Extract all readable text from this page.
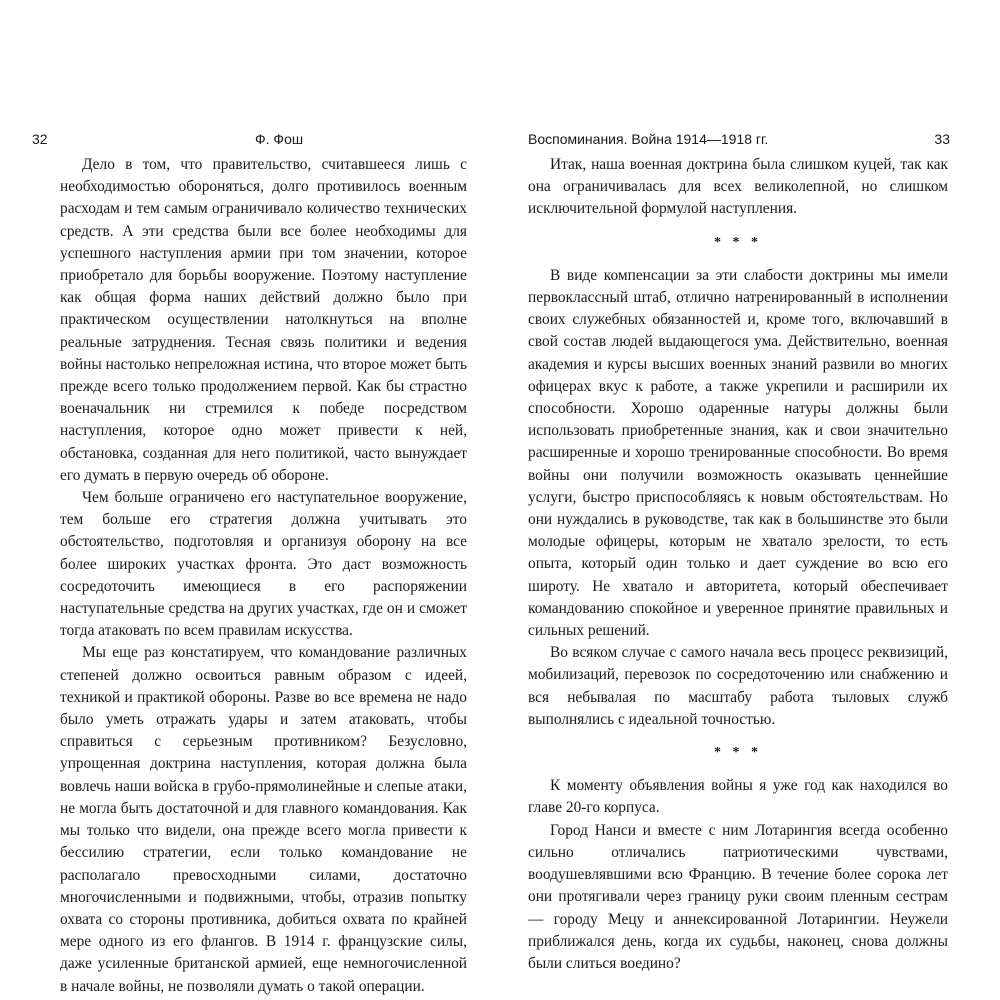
32	Ф. Фош

Дело в том, что правительство, считавшееся лишь с необходимостью обороняться, долго противилось военным расходам и тем самым ограничивало количество технических средств. А эти средства были все более необходимы для успешного наступления армии при том значении, которое приобретало для борьбы вооружение. Поэтому наступление как общая форма наших действий должно было при практическом осуществлении натолкнуться на вполне реальные затруднения. Тесная связь политики и ведения войны настолько непреложная истина, что второе может быть прежде всего только продолжением первой. Как бы страстно военачальник ни стремился к победе посредством наступления, которое одно может привести к ней, обстановка, созданная для него политикой, часто вынуждает его думать в первую очередь об обороне.

Чем больше ограничено его наступательное вооружение, тем больше его стратегия должна учитывать это обстоятельство, подготовляя и организуя оборону на все более широких участках фронта. Это даст возможность сосредоточить имеющиеся в его распоряжении наступательные средства на других участках, где он и сможет тогда атаковать по всем правилам искусства.

Мы еще раз констатируем, что командование различных степеней должно освоиться равным образом с идеей, техникой и практикой обороны. Разве во все времена не надо было уметь отражать удары и затем атаковать, чтобы справиться с серьезным противником? Безусловно, упрощенная доктрина наступления, которая должна была вовлечь наши войска в грубо-прямолинейные и слепые атаки, не могла быть достаточной и для главного командования. Как мы только что видели, она прежде всего могла привести к бессилию стратегии, если только командование не располагало превосходными силами, достаточно многочисленными и подвижными, чтобы, отразив попытку охвата со стороны противника, добиться охвата по крайней мере одного из его флангов. В 1914 г. французские силы, даже усиленные британской армией, еще немногочисленной в начале войны, не позволяли думать о такой операции.

Воспоминания. Война 1914—1918 гг.	33

Итак, наша военная доктрина была слишком куцей, так как она ограничивалась для всех великолепной, но слишком исключительной формулой наступления.

* * *

В виде компенсации за эти слабости доктрины мы имели первоклассный штаб, отлично натренированный в исполнении своих служебных обязанностей и, кроме того, включавший в свой состав людей выдающегося ума. Действительно, военная академия и курсы высших военных знаний развили во многих офицерах вкус к работе, а также укрепили и расширили их способности. Хорошо одаренные натуры должны были использовать приобретенные знания, как и свои значительно расширенные и хорошо тренированные способности. Во время войны они получили возможность оказывать ценнейшие услуги, быстро приспособляясь к новым обстоятельствам. Но они нуждались в руководстве, так как в большинстве это были молодые офицеры, которым не хватало зрелости, то есть опыта, который один только и дает суждение во всю его широту. Не хватало и авторитета, который обеспечивает командованию спокойное и уверенное принятие правильных и сильных решений.

Во всяком случае с самого начала весь процесс реквизиций, мобилизаций, перевозок по сосредоточению или снабжению и вся небывалая по масштабу работа тыловых служб выполнялись с идеальной точностью.

* * *

К моменту объявления войны я уже год как находился во главе 20-го корпуса.

Город Нанси и вместе с ним Лотарингия всегда особенно сильно отличались патриотическими чувствами, воодушевлявшими всю Францию. В течение более сорока лет они протягивали через границу руки своим пленным сестрам — городу Мецу и аннексированной Лотарингии. Неужели приближался день, когда их судьбы, наконец, снова должны были слиться воедино?
